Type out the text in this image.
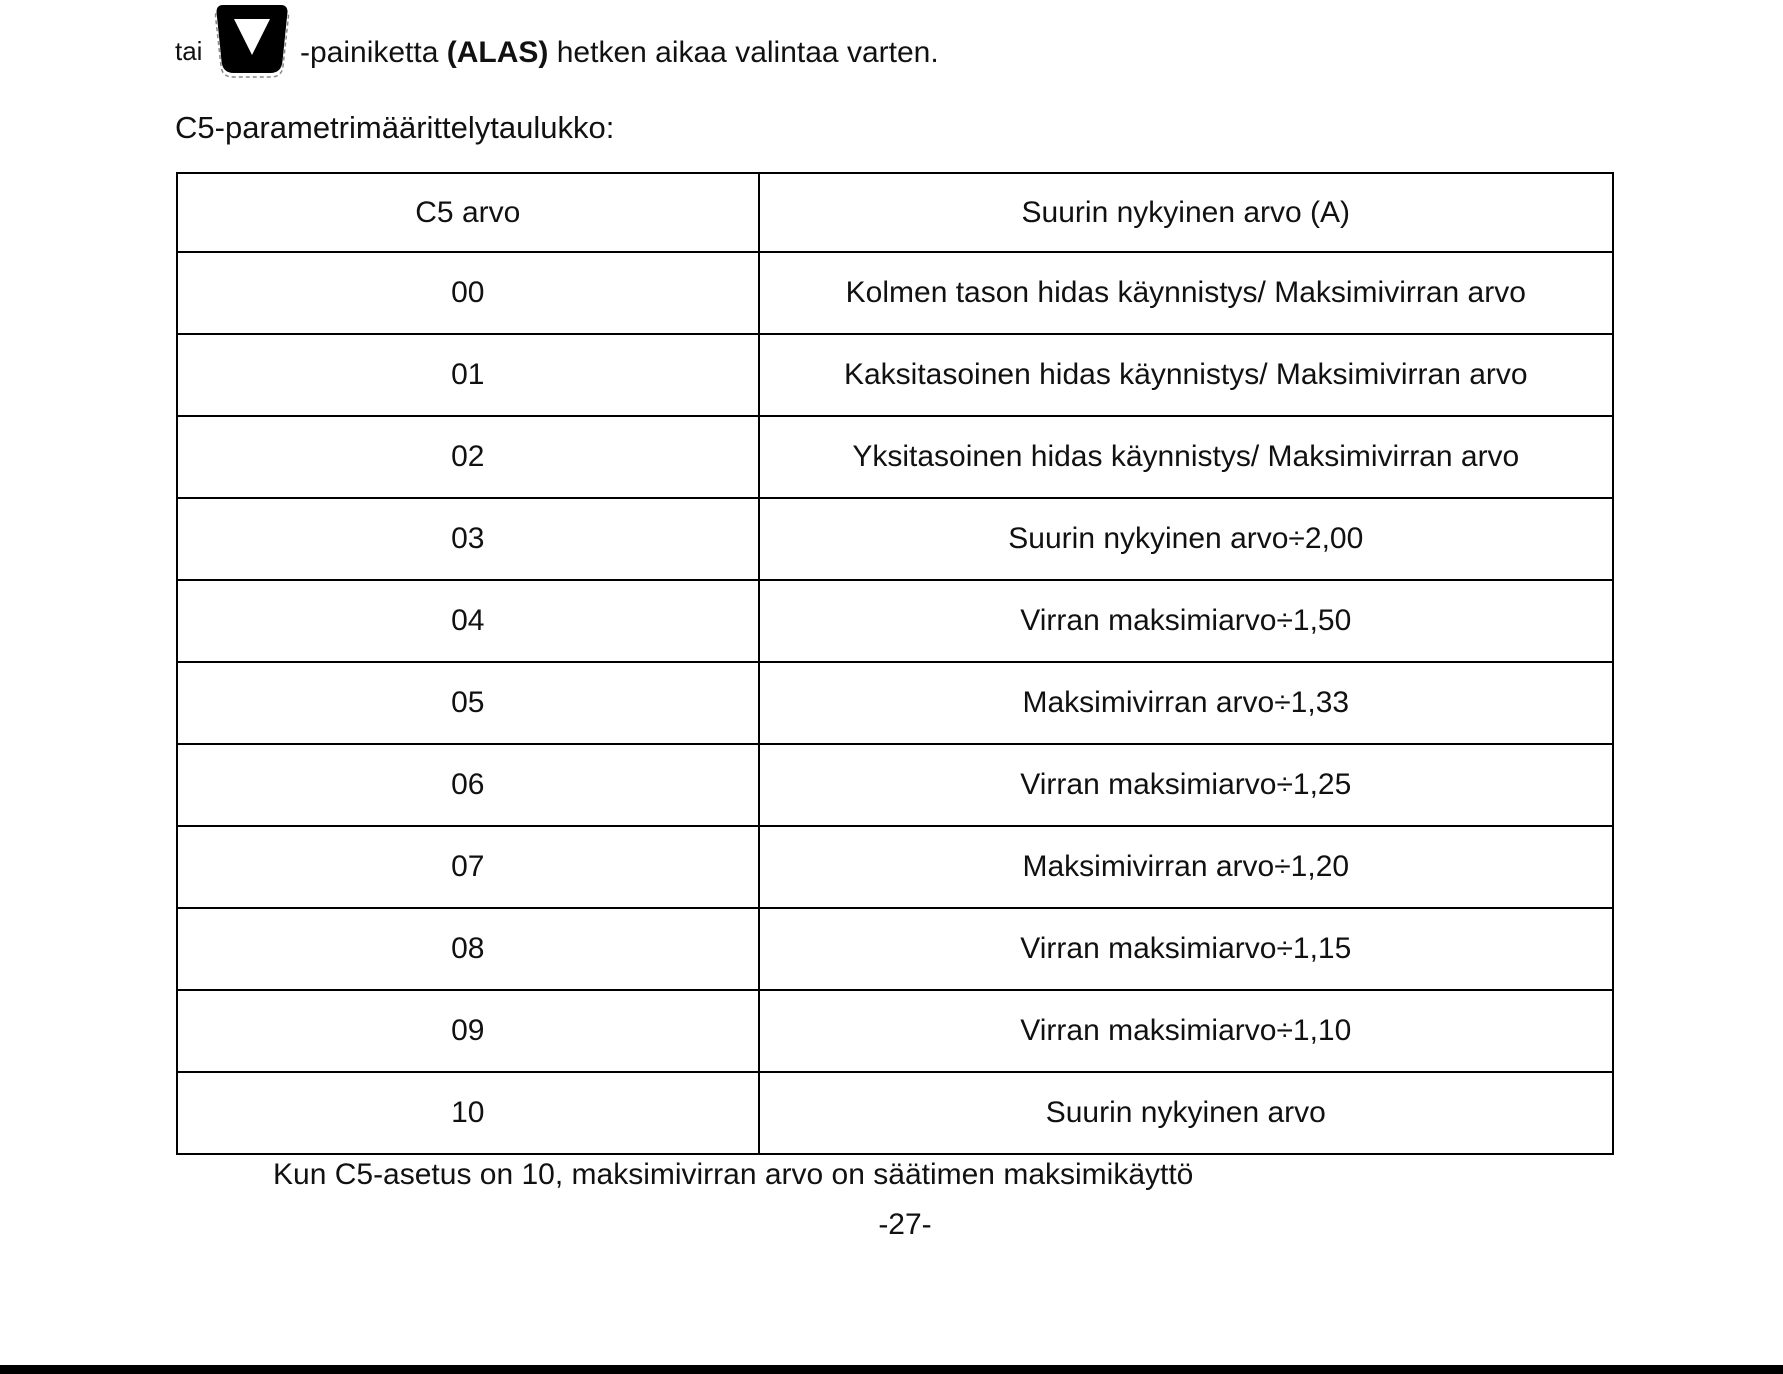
tai	-painiketta (ALAS) hetken aikaa valintaa varten.
C5-parametrimäärittelytaulukko:
C5 arvo	Suurin nykyinen arvo (A)
00	Kolmen tason hidas käynnistys/ Maksimivirran arvo
01	Kaksitasoinen hidas käynnistys/ Maksimivirran arvo
02	Yksitasoinen hidas käynnistys/ Maksimivirran arvo
03	Suurin nykyinen arvo÷2,00
04	Virran maksimiarvo÷1,50
05	Maksimivirran arvo÷1,33
06	Virran maksimiarvo÷1,25
07	Maksimivirran arvo÷1,20
08	Virran maksimiarvo÷1,15
09	Virran maksimiarvo÷1,10
10	Suurin nykyinen arvo
Kun C5-asetus on 10, maksimivirran arvo on säätimen maksimikäyttö
-27-
